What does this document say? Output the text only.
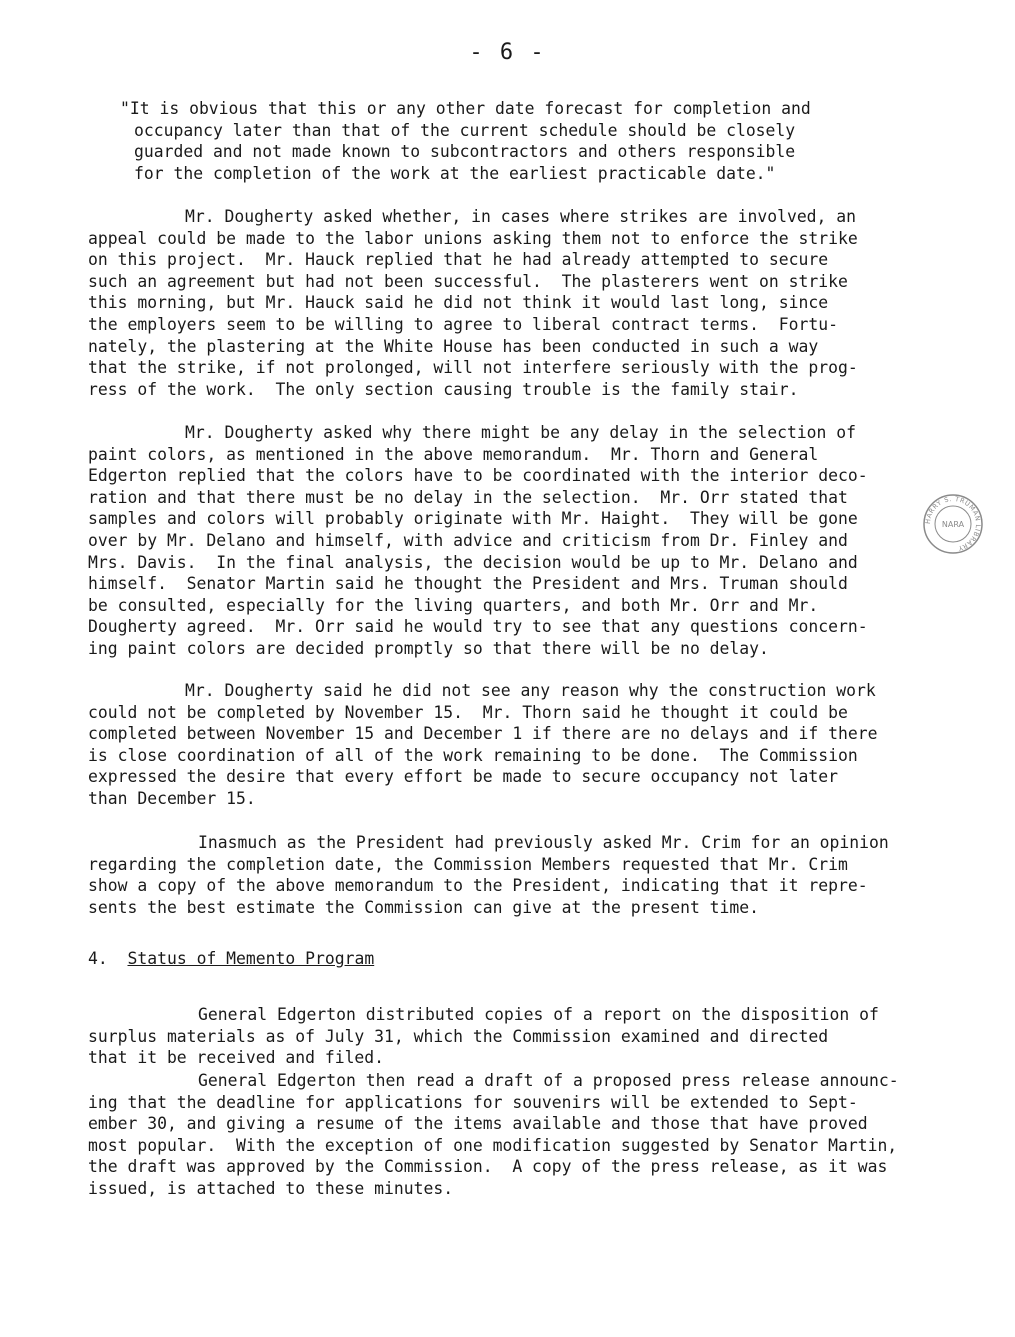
- 6 -
"It is obvious that this or any other date forecast for completion and
occupancy later than that of the current schedule should be closely
guarded and not made known to subcontractors and others responsible
for the completion of the work at the earliest practicable date."
Mr. Dougherty asked whether, in cases where strikes are involved, an
appeal could be made to the labor unions asking them not to enforce the strike
on this project.  Mr. Hauck replied that he had already attempted to secure
such an agreement but had not been successful.  The plasterers went on strike
this morning, but Mr. Hauck said he did not think it would last long, since
the employers seem to be willing to agree to liberal contract terms.  Fortu-
nately, the plastering at the White House has been conducted in such a way
that the strike, if not prolonged, will not interfere seriously with the prog-
ress of the work.  The only section causing trouble is the family stair.
Mr. Dougherty asked why there might be any delay in the selection of
paint colors, as mentioned in the above memorandum.  Mr. Thorn and General
Edgerton replied that the colors have to be coordinated with the interior deco-
ration and that there must be no delay in the selection.  Mr. Orr stated that
samples and colors will probably originate with Mr. Haight.  They will be gone
over by Mr. Delano and himself, with advice and criticism from Dr. Finley and
Mrs. Davis.  In the final analysis, the decision would be up to Mr. Delano and
himself.  Senator Martin said he thought the President and Mrs. Truman should
be consulted, especially for the living quarters, and both Mr. Orr and Mr.
Dougherty agreed.  Mr. Orr said he would try to see that any questions concern-
ing paint colors are decided promptly so that there will be no delay.
Mr. Dougherty said he did not see any reason why the construction work
could not be completed by November 15.  Mr. Thorn said he thought it could be
completed between November 15 and December 1 if there are no delays and if there
is close coordination of all of the work remaining to be done.  The Commission
expressed the desire that every effort be made to secure occupancy not later
than December 15.
Inasmuch as the President had previously asked Mr. Crim for an opinion
regarding the completion date, the Commission Members requested that Mr. Crim
show a copy of the above memorandum to the President, indicating that it repre-
sents the best estimate the Commission can give at the present time.
4. Status of Memento Program
General Edgerton distributed copies of a report on the disposition of
surplus materials as of July 31, which the Commission examined and directed
that it be received and filed.
General Edgerton then read a draft of a proposed press release announc-
ing that the deadline for applications for souvenirs will be extended to Sept-
ember 30, and giving a resume of the items available and those that have proved
most popular.  With the exception of one modification suggested by Senator Martin,
the draft was approved by the Commission.  A copy of the press release, as it was
issued, is attached to these minutes.
HARRY S. TRUMAN LIBRARY
NARA
